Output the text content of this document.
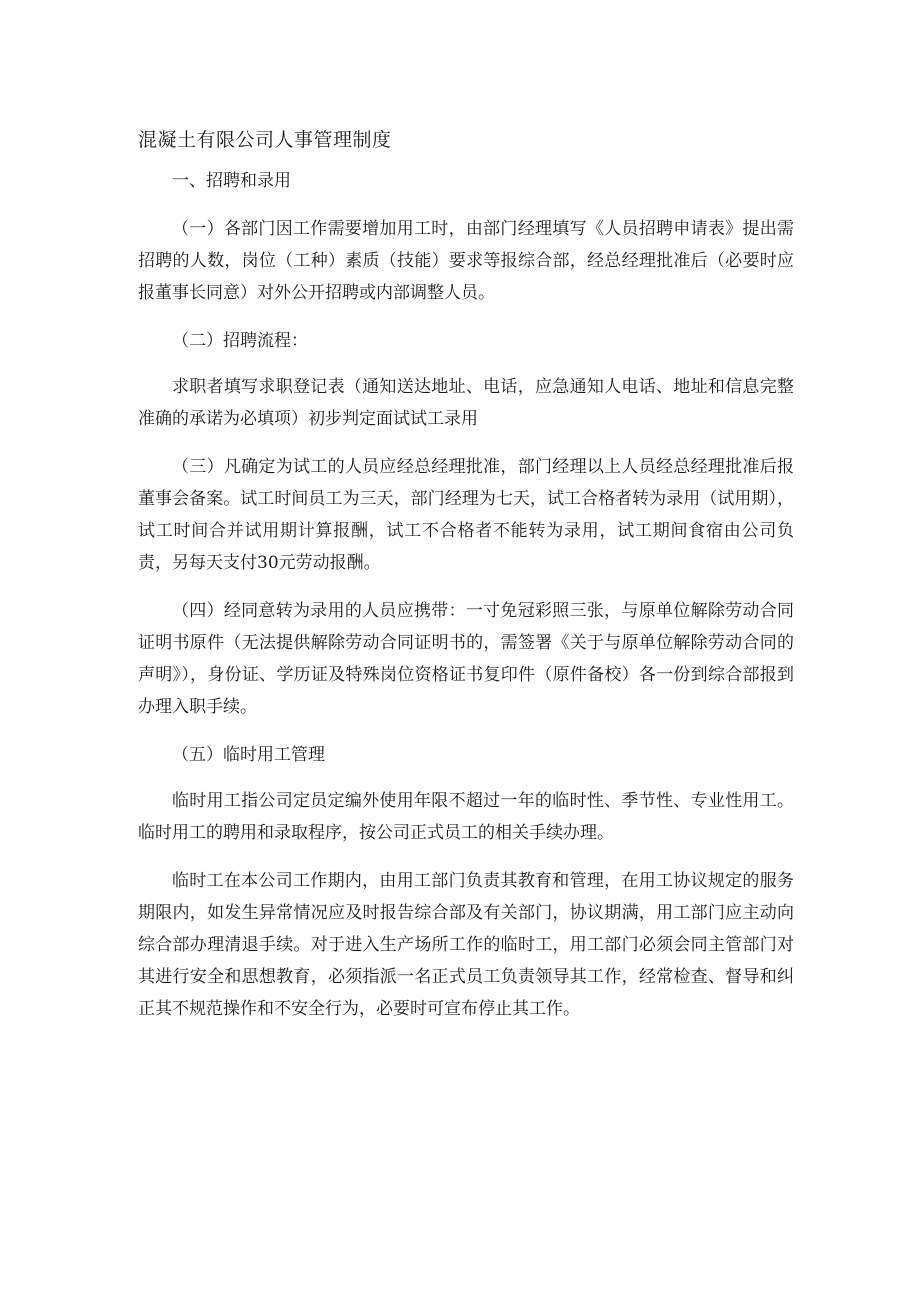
混凝土有限公司人事管理制度
一、招聘和录用

（一）各部门因工作需要增加用工时，由部门经理填写《人员招聘申请表》提出需招聘的人数，岗位（工种）素质（技能）要求等报综合部，经总经理批准后（必要时应报董事长同意）对外公开招聘或内部调整人员。

（二）招聘流程：

求职者填写求职登记表（通知送达地址、电话，应急通知人电话、地址和信息完整准确的承诺为必填项）初步判定面试试工录用

（三）凡确定为试工的人员应经总经理批准，部门经理以上人员经总经理批准后报董事会备案。试工时间员工为三天，部门经理为七天，试工合格者转为录用（试用期），试工时间合并试用期计算报酬，试工不合格者不能转为录用，试工期间食宿由公司负责，另每天支付30元劳动报酬。

（四）经同意转为录用的人员应携带：一寸免冠彩照三张，与原单位解除劳动合同证明书原件（无法提供解除劳动合同证明书的，需签署《关于与原单位解除劳动合同的声明》），身份证、学历证及特殊岗位资格证书复印件（原件备校）各一份到综合部报到办理入职手续。

（五）临时用工管理

临时用工指公司定员定编外使用年限不超过一年的临时性、季节性、专业性用工。临时用工的聘用和录取程序，按公司正式员工的相关手续办理。

临时工在本公司工作期内，由用工部门负责其教育和管理，在用工协议规定的服务期限内，如发生异常情况应及时报告综合部及有关部门，协议期满，用工部门应主动向综合部办理清退手续。对于进入生产场所工作的临时工，用工部门必须会同主管部门对其进行安全和思想教育，必须指派一名正式员工负责领导其工作，经常检查、督导和纠正其不规范操作和不安全行为，必要时可宣布停止其工作。
